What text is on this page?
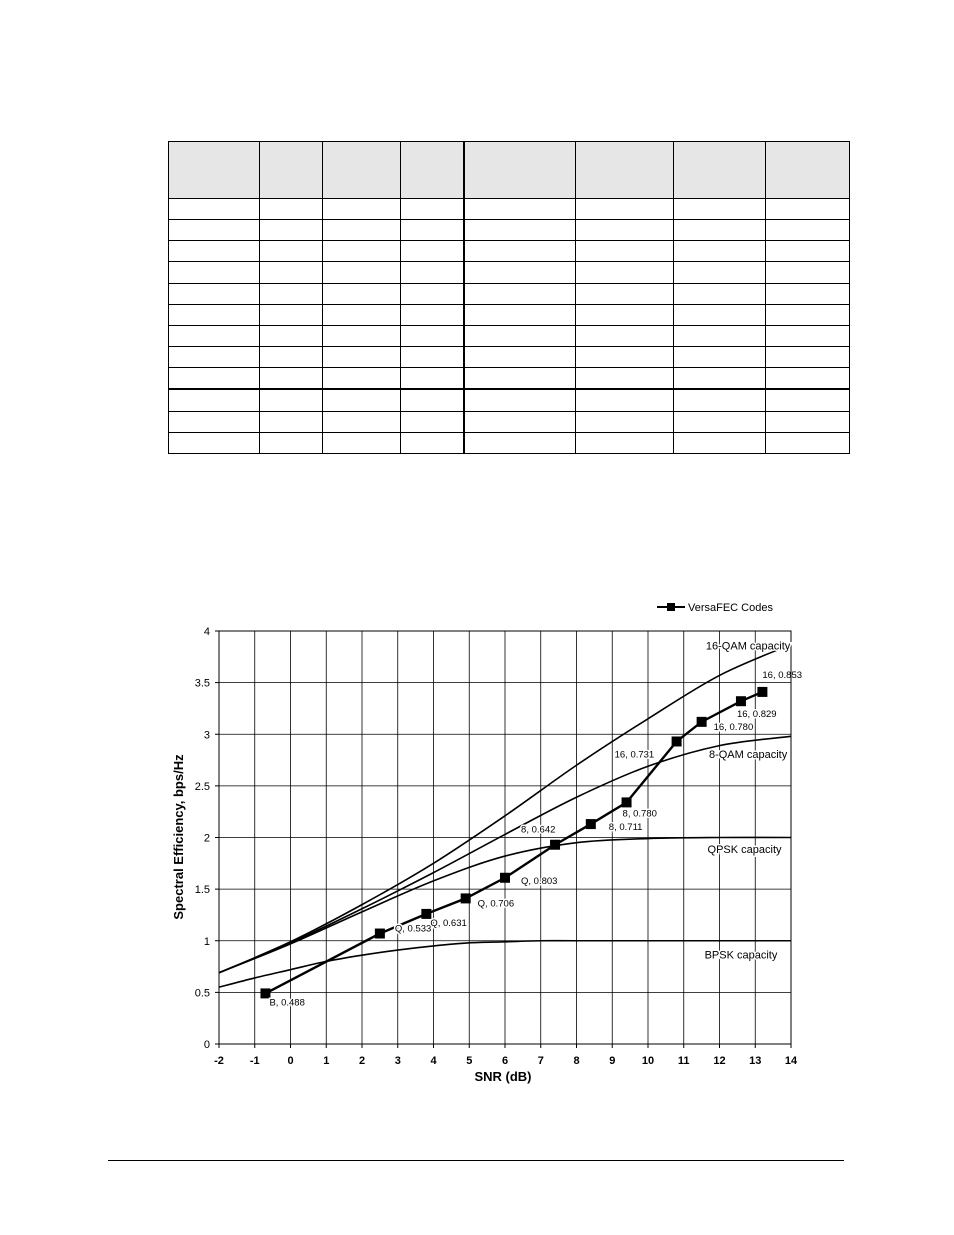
B, 0.488
Q, 0.533
Q, 0.631
Q, 0.706
Q, 0.803
8, 0.642	8, 0.711
8, 0.780
16, 0.731
16, 0.780
16, 0.829
16, 0.853
-2 -1	0	1	2	3	4	5	6	7	8	9 10 11 12 13 14
0
0.5
1
1.5
2
2.5
3
3.5
4
16-QAM capacity
8-QAM capacity
QPSK capacity
BPSK capacity
VersaFEC Codes
SNR (dB)
Spectral Efficiency, bps/Hz
